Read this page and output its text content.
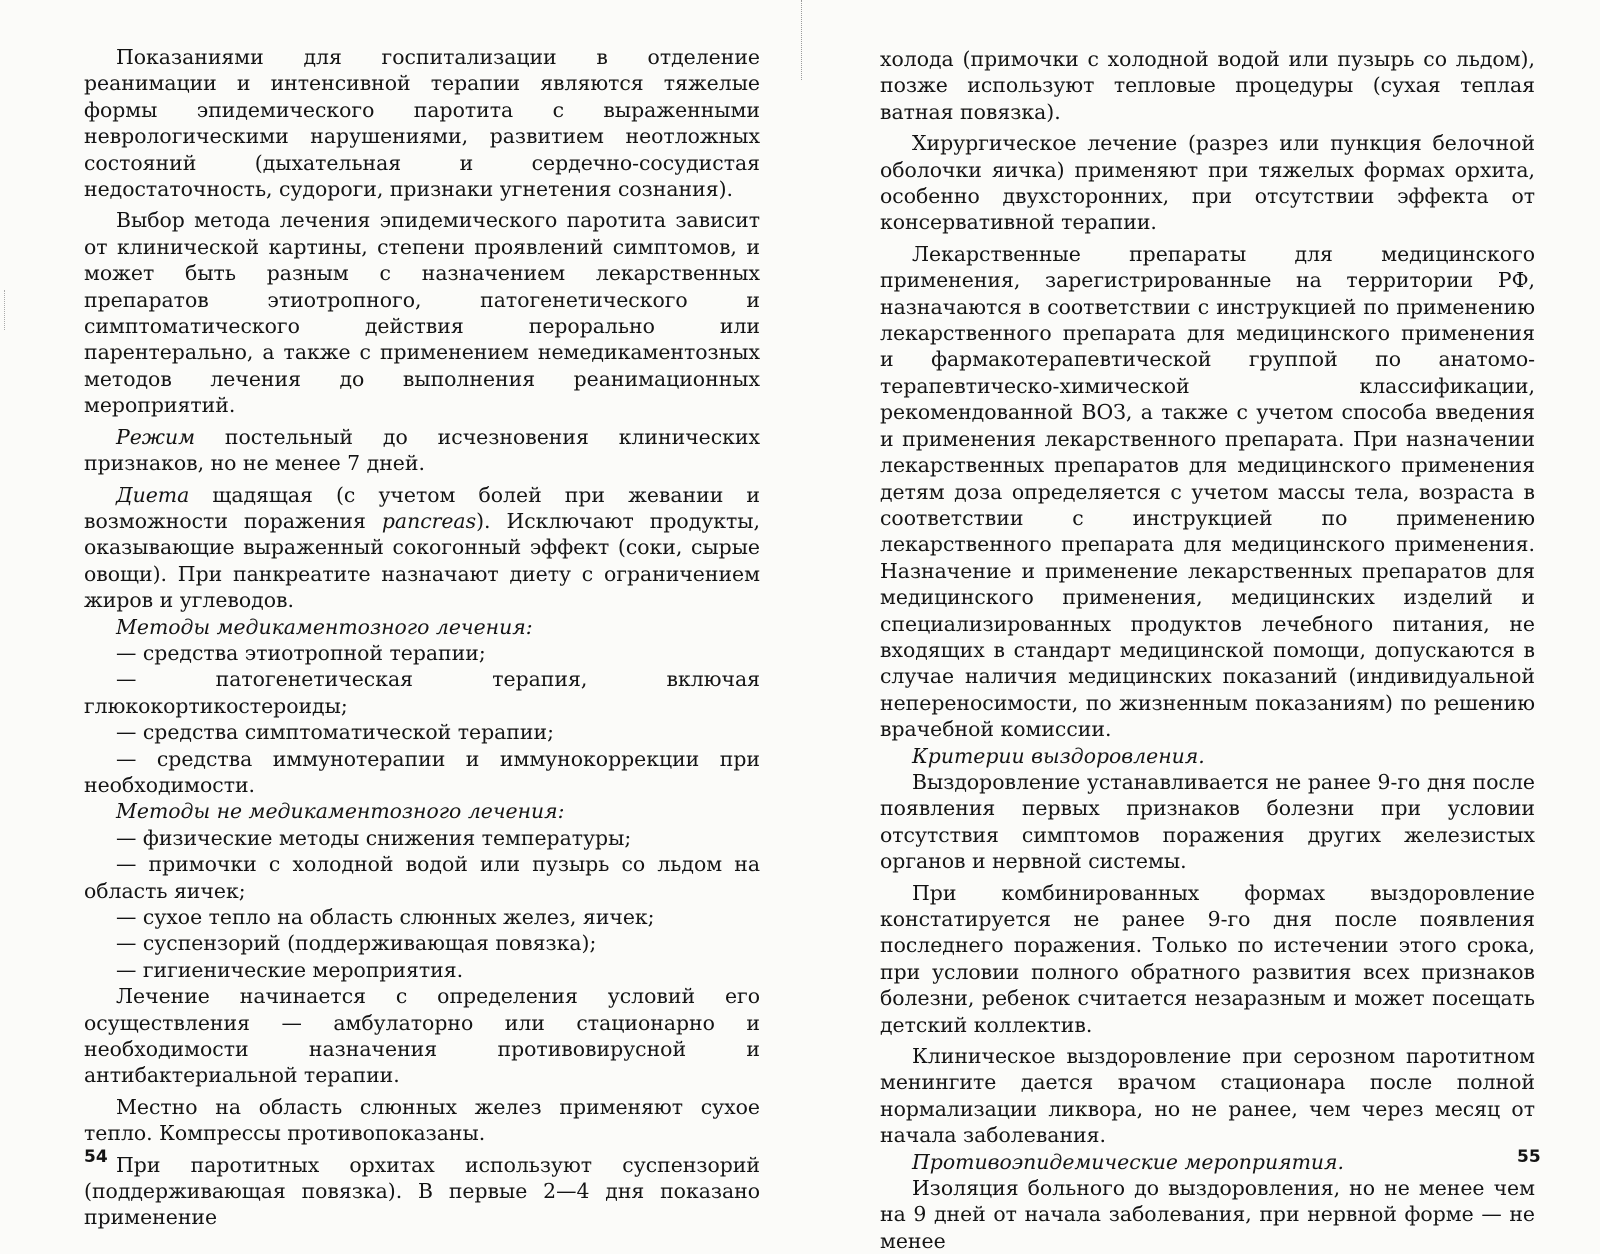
Показаниями для госпитализации в отделение реанимации и интенсивной терапии являются тяжелые формы эпидемического паротита с выраженными неврологическими нарушениями, развитием неотложных состояний (дыхательная и сердечно-сосудистая недостаточность, судороги, признаки угнетения сознания).

Выбор метода лечения эпидемического паротита зависит от клинической картины, степени проявлений симптомов, и может быть разным с назначением лекарственных препаратов этиотропного, патогенетического и симптоматического действия перорально или парентерально, а также с применением немедикаментозных методов лечения до выполнения реанимационных мероприятий.

Режим постельный до исчезновения клинических признаков, но не менее 7 дней.

Диета щадящая (с учетом болей при жевании и возможности поражения pancreas). Исключают продукты, оказывающие выраженный сокогонный эффект (соки, сырые овощи). При панкреатите назначают диету с ограничением жиров и углеводов.

Методы медикаментозного лечения:

— средства этиотропной терапии;

— патогенетическая терапия, включая глюкокортикостероиды;

— средства симптоматической терапии;

— средства иммунотерапии и иммунокоррекции при необходимости.

Методы не медикаментозного лечения:

— физические методы снижения температуры;

— примочки с холодной водой или пузырь со льдом на область яичек;

— сухое тепло на область слюнных желез, яичек;

— суспензорий (поддерживающая повязка);

— гигиенические мероприятия.

Лечение начинается с определения условий его осуществления — амбулаторно или стационарно и необходимости назначения противовирусной и антибактериальной терапии.

Местно на область слюнных желез применяют сухое тепло. Компрессы противопоказаны.

При паротитных орхитах используют суспензорий (поддерживающая повязка). В первые 2—4 дня показано применение

холода (примочки с холодной водой или пузырь со льдом), позже используют тепловые процедуры (сухая теплая ватная повязка).

Хирургическое лечение (разрез или пункция белочной оболочки яичка) применяют при тяжелых формах орхита, особенно двухсторонних, при отсутствии эффекта от консервативной терапии.

Лекарственные препараты для медицинского применения, зарегистрированные на территории РФ, назначаются в соответствии с инструкцией по применению лекарственного препарата для медицинского применения и фармакотерапевтической группой по анатомо-терапевтическо-химической классификации, рекомендованной ВОЗ, а также с учетом способа введения и применения лекарственного препарата. При назначении лекарственных препаратов для медицинского применения детям доза определяется с учетом массы тела, возраста в соответствии с инструкцией по применению лекарственного препарата для медицинского применения. Назначение и применение лекарственных препаратов для медицинского применения, медицинских изделий и специализированных продуктов лечебного питания, не входящих в стандарт медицинской помощи, допускаются в случае наличия медицинских показаний (индивидуальной непереносимости, по жизненным показаниям) по решению врачебной комиссии.

Критерии выздоровления.

Выздоровление устанавливается не ранее 9-го дня после появления первых признаков болезни при условии отсутствия симптомов поражения других железистых органов и нервной системы.

При комбинированных формах выздоровление констатируется не ранее 9-го дня после появления последнего поражения. Только по истечении этого срока, при условии полного обратного развития всех признаков болезни, ребенок считается незаразным и может посещать детский коллектив.

Клиническое выздоровление при серозном паротитном менингите дается врачом стационара после полной нормализации ликвора, но не ранее, чем через месяц от начала заболевания.

Противоэпидемические мероприятия.

Изоляция больного до выздоровления, но не менее чем на 9 дней от начала заболевания, при нервной форме — не менее

54	55
